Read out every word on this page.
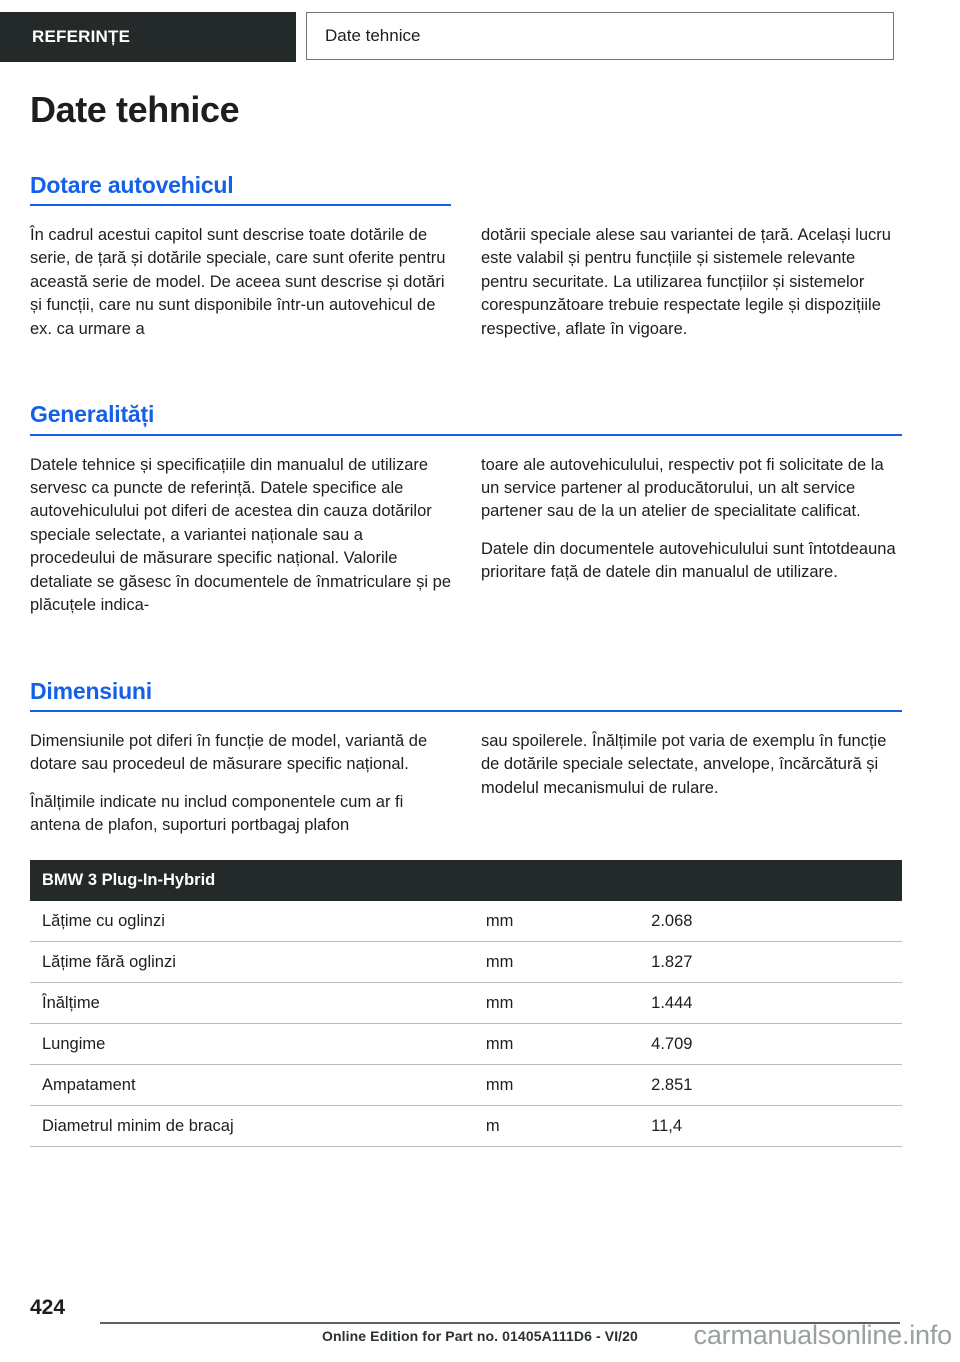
REFERINȚE	Date tehnice
Date tehnice
Dotare autovehicul

În cadrul acestui capitol sunt descrise toate dotările de serie, de țară și dotările speciale, care sunt oferite pentru această serie de model. De aceea sunt descrise și dotări și funcții, care nu sunt disponibile într-un autovehicul de ex. ca urmare a

dotării speciale alese sau variantei de țară. Același lucru este valabil și pentru funcțiile și sistemele relevante pentru securitate. La utilizarea funcțiilor și sistemelor corespunzătoare trebuie respectate legile și dispozițiile respective, aflate în vigoare.

Generalități

Datele tehnice și specificațiile din manualul de utilizare servesc ca puncte de referință. Datele specifice ale autovehiculului pot diferi de acestea din cauza dotărilor speciale selectate, a variantei naționale sau a procedeului de măsurare specific național. Valorile detaliate se găsesc în documentele de înmatriculare și pe plăcuțele indica-

toare ale autovehiculului, respectiv pot fi solicitate de la un service partener al producătorului, un alt service partener sau de la un atelier de specialitate calificat.

Datele din documentele autovehiculului sunt întotdeauna prioritare față de datele din manualul de utilizare.

Dimensiuni

Dimensiunile pot diferi în funcție de model, variantă de dotare sau procedeul de măsurare specific național.

Înălțimile indicate nu includ componentele cum ar fi antena de plafon, suporturi portbagaj plafon

sau spoilerele. Înălțimile pot varia de exemplu în funcție de dotările speciale selectate, anvelope, încărcătură și modelul mecanismului de rulare.

BMW 3 Plug-In-Hybrid		
Lățime cu oglinzi	mm	2.068
Lățime fără oglinzi	mm	1.827
Înălțime	mm	1.444
Lungime	mm	4.709
Ampatament	mm	2.851
Diametrul minim de bracaj	m	11,4
424
Online Edition for Part no. 01405A111D6 - VI/20	carmanualsonline.info
